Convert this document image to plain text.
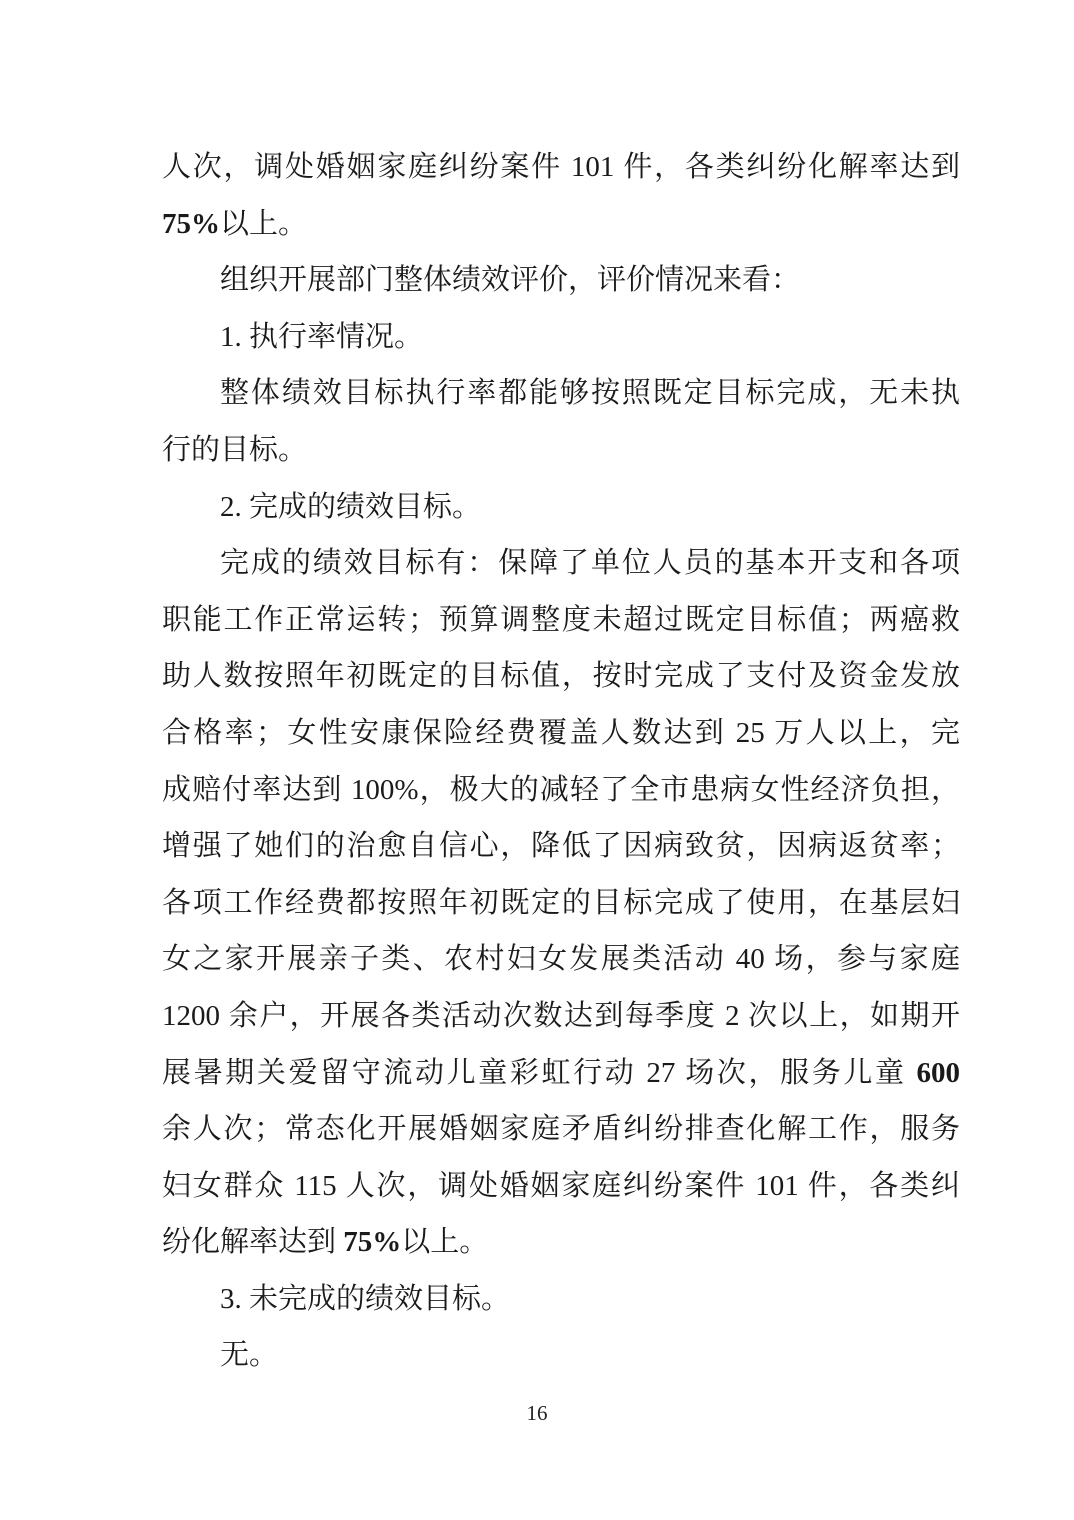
人次，调处婚姻家庭纠纷案件 101 件，各类纠纷化解率达到
75%以上。
组织开展部门整体绩效评价，评价情况来看：
1. 执行率情况。
整体绩效目标执行率都能够按照既定目标完成，无未执
行的目标。
2. 完成的绩效目标。
完成的绩效目标有：保障了单位人员的基本开支和各项
职能工作正常运转；预算调整度未超过既定目标值；两癌救
助人数按照年初既定的目标值，按时完成了支付及资金发放
合格率；女性安康保险经费覆盖人数达到 25 万人以上，完
成赔付率达到 100%，极大的减轻了全市患病女性经济负担，
增强了她们的治愈自信心，降低了因病致贫，因病返贫率；
各项工作经费都按照年初既定的目标完成了使用，在基层妇
女之家开展亲子类、农村妇女发展类活动 40 场，参与家庭
1200 余户，开展各类活动次数达到每季度 2 次以上，如期开
展暑期关爱留守流动儿童彩虹行动 27 场次，服务儿童 600
余人次；常态化开展婚姻家庭矛盾纠纷排查化解工作，服务
妇女群众 115 人次，调处婚姻家庭纠纷案件 101 件，各类纠
纷化解率达到 75%以上。
3. 未完成的绩效目标。
无。
16
